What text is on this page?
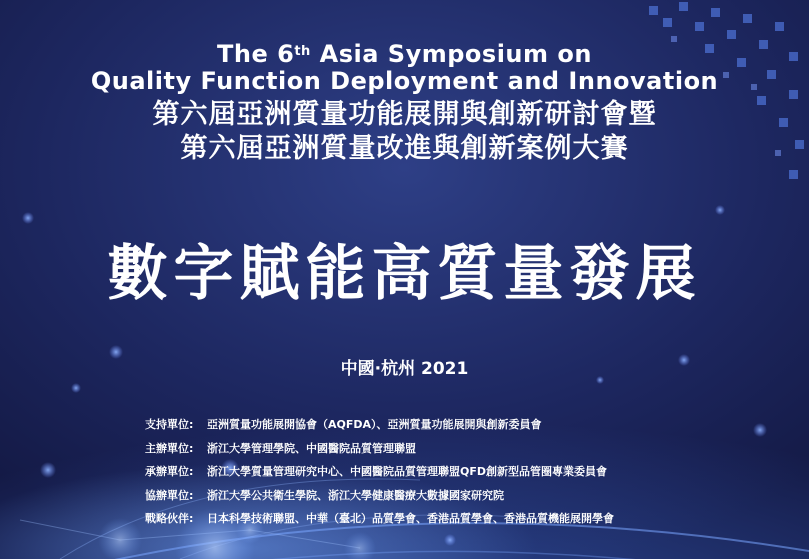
The 6th Asia Symposium on
Quality Function Deployment and Innovation
第六屆亞洲質量功能展開與創新研討會暨
第六屆亞洲質量改進與創新案例大賽
數字賦能高質量發展
中國·杭州 2021
支持單位:	亞洲質量功能展開協會（AQFDA）、亞洲質量功能展開與創新委員會
主辦單位:	浙江大學管理學院、中國醫院品質管理聯盟
承辦單位:	浙江大學質量管理研究中心、中國醫院品質管理聯盟QFD創新型品管圈專業委員會
協辦單位:	浙江大學公共衛生學院、浙江大學健康醫療大數據國家研究院
戰略伙伴:	日本科學技術聯盟、中華（臺北）品質學會、香港品質學會、香港品質機能展開學會
